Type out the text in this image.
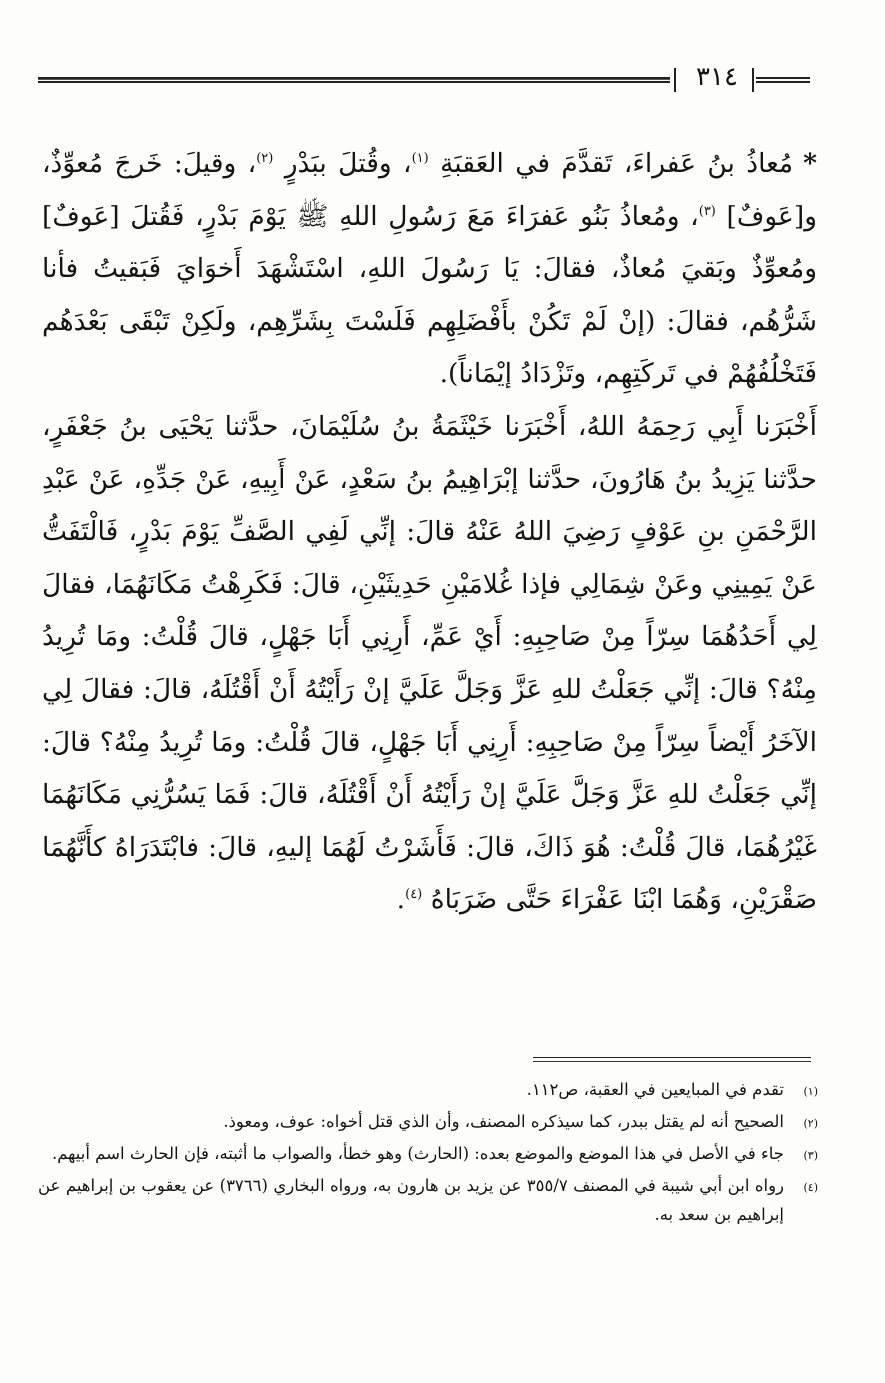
٣١٤

*مُعاذُ بنُ عَفراءَ، تَقدَّمَ في العَقبَةِ $^{(١)}$، وقُتلَ ببَدْرٍ $^{(٢)}$، وقيلَ: خَرجَ مُعوِّذٌ، و[عَوفٌ] $^{(٣)}$، ومُعاذُ بَنُو عَفرَاءَ مَعَ رَسُولِ اللهِ ﷺ يَوْمَ بَدْرٍ، فَقُتلَ [عَوفٌ] ومُعوِّذٌ وبَقيَ مُعاذٌ، فقالَ: يَا رَسُولَ اللهِ، اسْتَشْهَدَ أَخوَايَ فَبَقيتُ فأنا شَرُّهُم، فقالَ: (إنْ لَمْ تَكُنْ بأَفْضَلِهِم فَلَسْتَ بِشَرِّهِم، ولَكِنْ تَبْقَى بَعْدَهُم فَتَخْلُفُهُمْ في تَركَتِهِم، وتَزْدَادُ إيْمَاناً).

أَخْبَرَنا أَبِي رَحِمَهُ اللهُ، أَخْبَرَنا خَيْثَمَةُ بنُ سُلَيْمَانَ، حدَّثنا يَحْيَى بنُ جَعْفَرٍ، حدَّثنا يَزِيدُ بنُ هَارُونَ، حدَّثنا إبْرَاهِيمُ بنُ سَعْدٍ، عَنْ أَبِيهِ، عَنْ جَدِّهِ، عَنْ عَبْدِ الرَّحْمَنِ بنِ عَوْفٍ رَضِيَ اللهُ عَنْهُ قالَ: إنِّي لَفِي الصَّفِّ يَوْمَ بَدْرٍ، فَالْتَفَتُّ عَنْ يَمِينِي وعَنْ شِمَالِي فإذا غُلامَيْنِ حَدِيثَيْنِ، قالَ: فَكَرِهْتُ مَكَانَهُمَا، فقالَ لِي أَحَدُهُمَا سِرّاً مِنْ صَاحِبِهِ: أَيْ عَمِّ، أَرِنِي أَبَا جَهْلٍ، قالَ قُلْتُ: ومَا تُرِيدُ مِنْهُ؟ قالَ: إنِّي جَعَلْتُ للهِ عَزَّ وَجَلَّ عَلَيَّ إنْ رَأَيْتُهُ أَنْ أَقْتُلَهُ، قالَ: فقالَ لِي الآخَرُ أَيْضاً سِرّاً مِنْ صَاحِبِهِ: أَرِنِي أَبَا جَهْلٍ، قالَ قُلْتُ: ومَا تُرِيدُ مِنْهُ؟ قالَ: إنِّي جَعَلْتُ للهِ عَزَّ وَجَلَّ عَلَيَّ إنْ رَأَيْتُهُ أَنْ أَقْتُلَهُ، قالَ: فَمَا يَسُرُّنِي مَكَانَهُمَا غَيْرُهُمَا، قالَ قُلْتُ: هُوَ ذَاكَ، قالَ: فَأَشَرْتُ لَهُمَا إليهِ، قالَ: فابْتَدَرَاهُ كأَنَّهُمَا صَقْرَيْنِ، وَهُمَا ابْنَا عَفْرَاءَ حَتَّى ضَرَبَاهُ $^{(٤)}$.

(١)
تقدم في المبايعين في العقبة، ص١١٢.
(٢)
الصحيح أنه لم يقتل ببدر، كما سيذكره المصنف، وأن الذي قتل أخواه: عوف، ومعوذ.
(٣)
جاء في الأصل في هذا الموضع والموضع بعده: (الحارث) وهو خطأ، والصواب ما أثبته، فإن الحارث اسم أبيهم.
(٤)
رواه ابن أبي شيبة في المصنف ٣٥٥/٧ عن يزيد بن هارون به، ورواه البخاري (٣٧٦٦) عن يعقوب بن إبراهيم عن إبراهيم بن سعد به.
